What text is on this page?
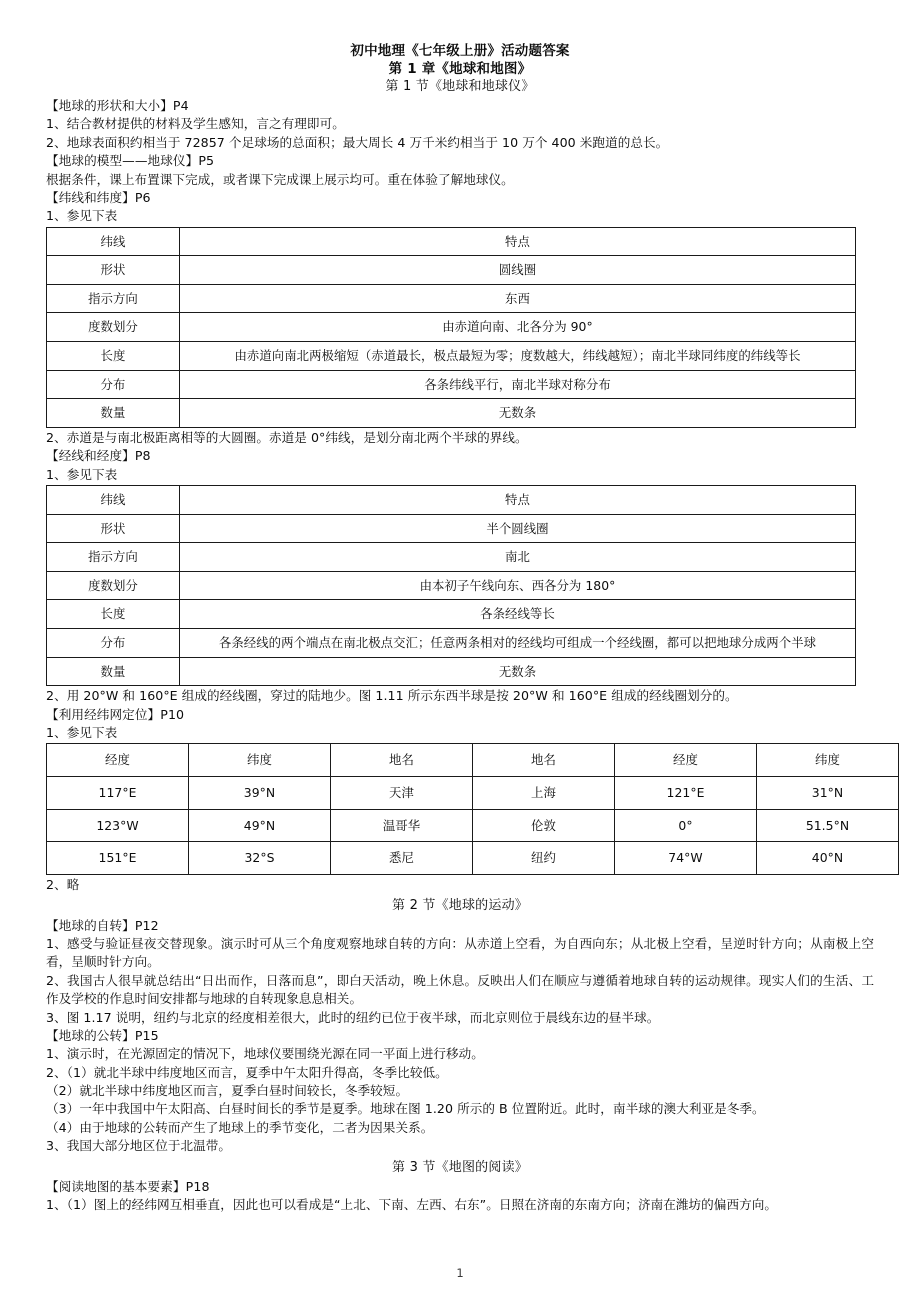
初中地理《七年级上册》活动题答案
第 1 章《地球和地图》
第 1 节《地球和地球仪》
【地球的形状和大小】P4

1、结合教材提供的材料及学生感知，言之有理即可。

2、地球表面积约相当于 72857 个足球场的总面积；最大周长 4 万千米约相当于 10 万个 400 米跑道的总长。

【地球的模型——地球仪】P5

根据条件，课上布置课下完成，或者课下完成课上展示均可。重在体验了解地球仪。

【纬线和纬度】P6

1、参见下表

纬线	特点
形状	圆线圈
指示方向	东西
度数划分	由赤道向南、北各分为 90°
长度	由赤道向南北两极缩短（赤道最长，极点最短为零；度数越大，纬线越短）；南北半球同纬度的纬线等长
分布	各条纬线平行，南北半球对称分布
数量	无数条

2、赤道是与南北极距离相等的大圆圈。赤道是 0°纬线，是划分南北两个半球的界线。

【经线和经度】P8

1、参见下表

纬线	特点
形状	半个圆线圈
指示方向	南北
度数划分	由本初子午线向东、西各分为 180°
长度	各条经线等长
分布	各条经线的两个端点在南北极点交汇；任意两条相对的经线均可组成一个经线圈，都可以把地球分成两个半球
数量	无数条

2、用 20°W 和 160°E 组成的经线圈，穿过的陆地少。图 1.11 所示东西半球是按 20°W 和 160°E 组成的经线圈划分的。

【利用经纬网定位】P10

1、参见下表

经度	纬度	地名	地名	经度	纬度
117°E	39°N	天津	上海	121°E	31°N
123°W	49°N	温哥华	伦敦	0°	51.5°N
151°E	32°S	悉尼	纽约	74°W	40°N

2、略

第 2 节《地球的运动》
【地球的自转】P12

1、感受与验证昼夜交替现象。演示时可从三个角度观察地球自转的方向：从赤道上空看，为自西向东；从北极上空看，呈逆时针方向；从南极上空看，呈顺时针方向。

2、我国古人很早就总结出“日出而作，日落而息”，即白天活动，晚上休息。反映出人们在顺应与遵循着地球自转的运动规律。现实人们的生活、工作及学校的作息时间安排都与地球的自转现象息息相关。

3、图 1.17 说明，纽约与北京的经度相差很大，此时的纽约已位于夜半球，而北京则位于晨线东边的昼半球。

【地球的公转】P15

1、演示时，在光源固定的情况下，地球仪要围绕光源在同一平面上进行移动。

2、（1）就北半球中纬度地区而言，夏季中午太阳升得高，冬季比较低。

（2）就北半球中纬度地区而言，夏季白昼时间较长，冬季较短。

（3）一年中我国中午太阳高、白昼时间长的季节是夏季。地球在图 1.20 所示的 B 位置附近。此时，南半球的澳大利亚是冬季。

（4）由于地球的公转而产生了地球上的季节变化，二者为因果关系。

3、我国大部分地区位于北温带。

第 3 节《地图的阅读》
【阅读地图的基本要素】P18

1、（1）图上的经纬网互相垂直，因此也可以看成是“上北、下南、左西、右东”。日照在济南的东南方向；济南在潍坊的偏西方向。

1
